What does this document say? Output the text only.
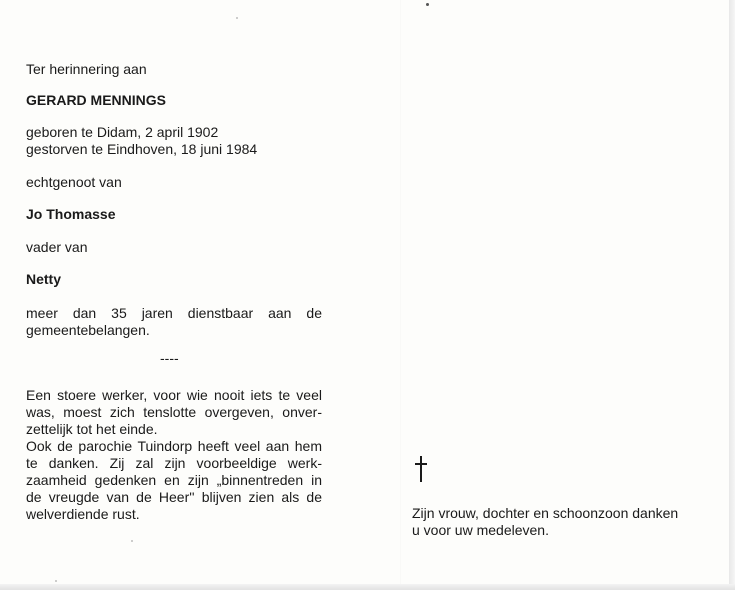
Ter herinnering aan
GERARD MENNINGS
geboren te Didam, 2 april 1902
gestorven te Eindhoven, 18 juni 1984
echtgenoot van
Jo Thomasse
vader van
Netty
meer dan 35 jaren dienstbaar aan de
gemeentebelangen.
----
Een stoere werker, voor wie nooit iets te veel
was, moest zich tenslotte overgeven, onver-
zettelijk tot het einde.
Ook de parochie Tuindorp heeft veel aan hem
te danken. Zij zal zijn voorbeeldige werk-
zaamheid gedenken en zijn „binnentreden in
de vreugde van de Heer'' blijven zien als de
welverdiende rust.	Zijn vrouw, dochter en schoonzoon danken
u voor uw medeleven.
